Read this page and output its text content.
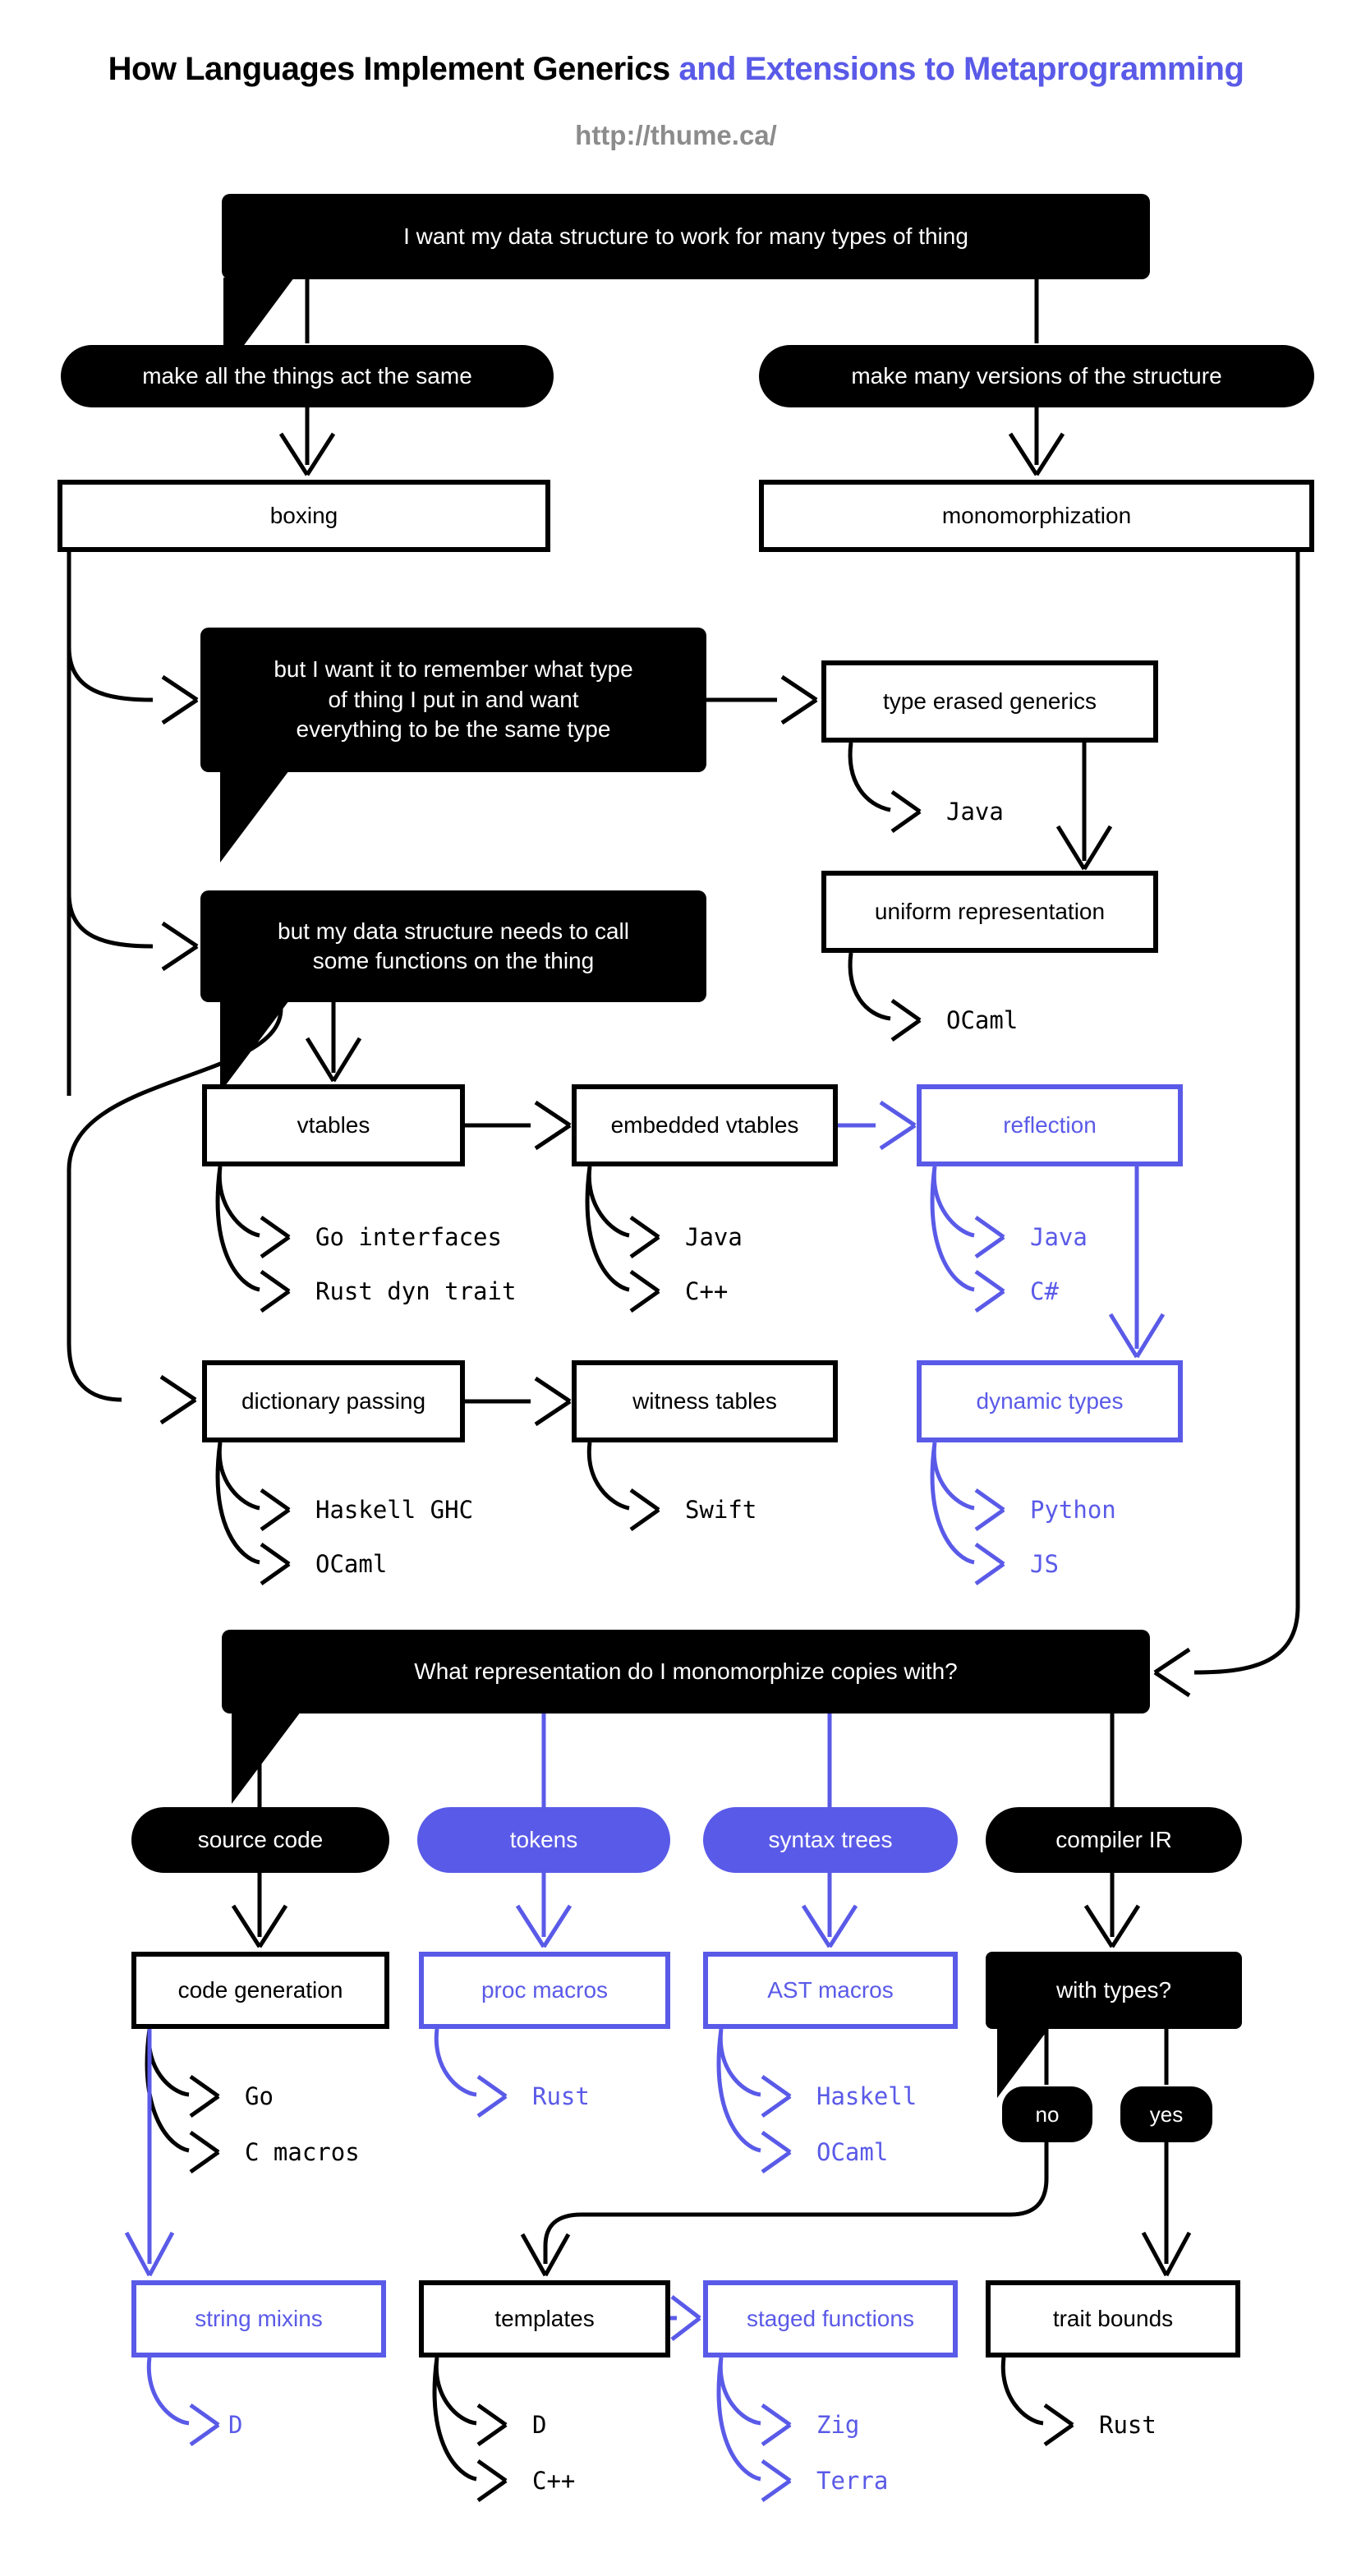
How Languages Implement Generics and Extensions to Metaprogramming
http://thume.ca/
I want my data structure to work for many types of thing
make all the things act the same	make many versions of the structure
boxing	monomorphization
but I want it to remember what type of thing I put in and want everything to be the same type
type erased generics
Java
uniform representation
OCaml
but my data structure needs to call some functions on the thing
vtables	embedded vtables	reflection
Go interfaces
Rust dyn trait
Java
C++
Java
C#
dictionary passing	witness tables	dynamic types
Haskell GHC
OCaml
Swift	Python
JS
What representation do I monomorphize copies with?
source code	tokens	syntax trees	compiler IR
code generation	proc macros	AST macros	with types?
Go
C macros
Rust	Haskell
OCaml
no	yes
string mixins	templates	staged functions	trait bounds
D	D
C++
Zig
Terra
Rust
